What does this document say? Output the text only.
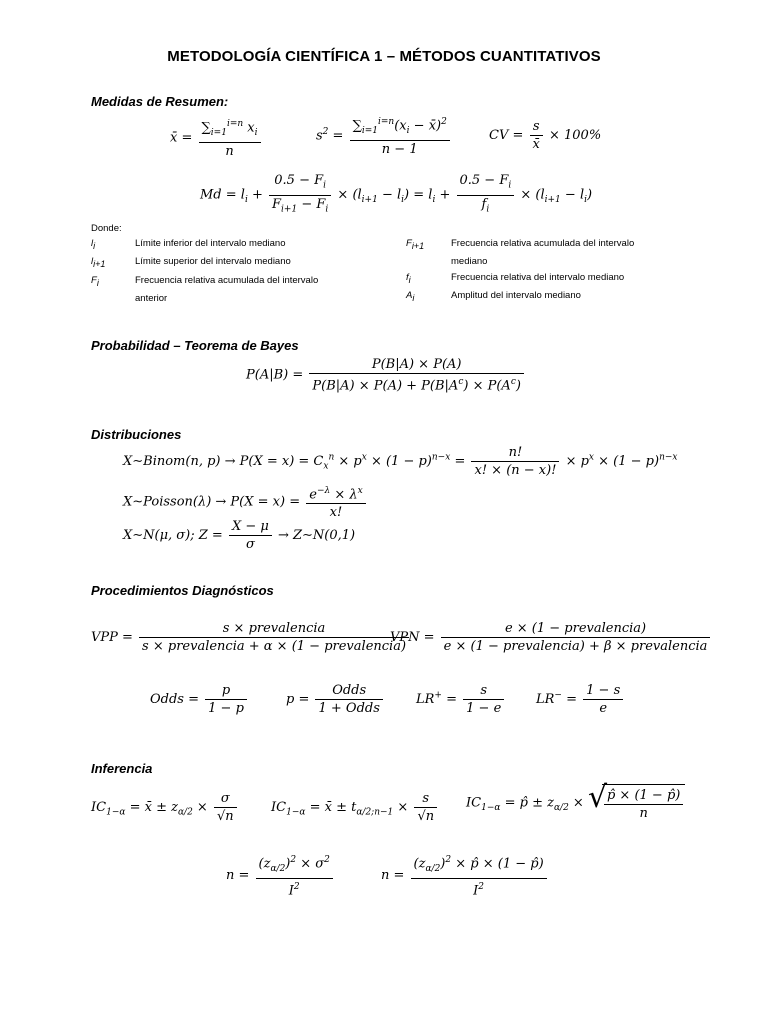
METODOLOGÍA CIENTÍFICA 1 – MÉTODOS CUANTITATIVOS
Medidas de Resumen:
x̄ = $\frac{\sum_{i=1}^{i=n} x_i}{n}$	$s^2 = \frac{\sum_{i=1}^{i=n}(x_i - x̄)^2}{n - 1}$	CV = $\frac{s}{x̄} \times 100\%$
$Md = l_i + \frac{0.5 - F_i}{F_{i+1} - F_i} \times (l_{i+1} - l_i) = l_i + \frac{0.5 - F_i}{f_i} \times (l_{i+1} - l_i)$
Donde:
$l_i$	Límite inferior del intervalo mediano
$l_{i+1}$	Límite superior del intervalo mediano
$F_i$	Frecuencia relativa acumulada del intervalo
anterior
$F_{i+1}$	Frecuencia relativa acumulada del intervalo
mediano
$f_i$	Frecuencia relativa del intervalo mediano
$A_i$	Amplitud del intervalo mediano
Probabilidad – Teorema de Bayes
$P(A|B) = \frac{P(B|A) \times P(A)}{P(B|A) \times P(A) + P(B|A^c) \times P(A^c)}$
Distribuciones
X∼Binom(n, $p) \to P(X = x) = C_x^n \times p^x \times (1 - p)^{n-x} = \frac{n!}{x! \times (n - x)!} \times p^x \times (1 - p)^{n-x}$
X∼Poisson(λ) → $P(X = x) = \frac{e^{-\lambda} \times \lambda^x}{x!}$
X∼N(μ, σ); $Z = \frac{X - \mu}{\sigma}$ → Z∼N(0,1)
Procedimientos Diagnósticos
VPP = $\frac{\text{s × prevalencia}}{\text{s × prevalencia + α × (1 − prevalencia)}}$
VPN = $\frac{\text{e × (1 − prevalencia)}}{\text{e × (1 − prevalencia) + β × prevalencia}}$
Odds = $\frac{p}{1 - p}$	$p = \frac{\text{Odds}}{\text{1 + Odds}}$	$LR^+ = \frac{s}{1 - e} LR^- = \frac{1 - s}{e}$
Inferencia
$IC_{1-\alpha}$ = x̄ ± $z_{\alpha/2} \times \frac{\sigma}{√n}$	$IC_{1-\alpha}$ = x̄ ± $t_{\alpha/2;n-1} \times \frac{s}{√n} IC_{1-\alpha}$ = p̂ ± $z_{\alpha/2}$ × √
$\frac{p̂ \times (1 - p̂)}{n}$
$n = \frac{(z_{\alpha/2})^2 \times \sigma^2}{I^2}$	$n = \frac{(z_{\alpha/2})^2 \times p̂ \times (1 - p̂)}{I^2}$
